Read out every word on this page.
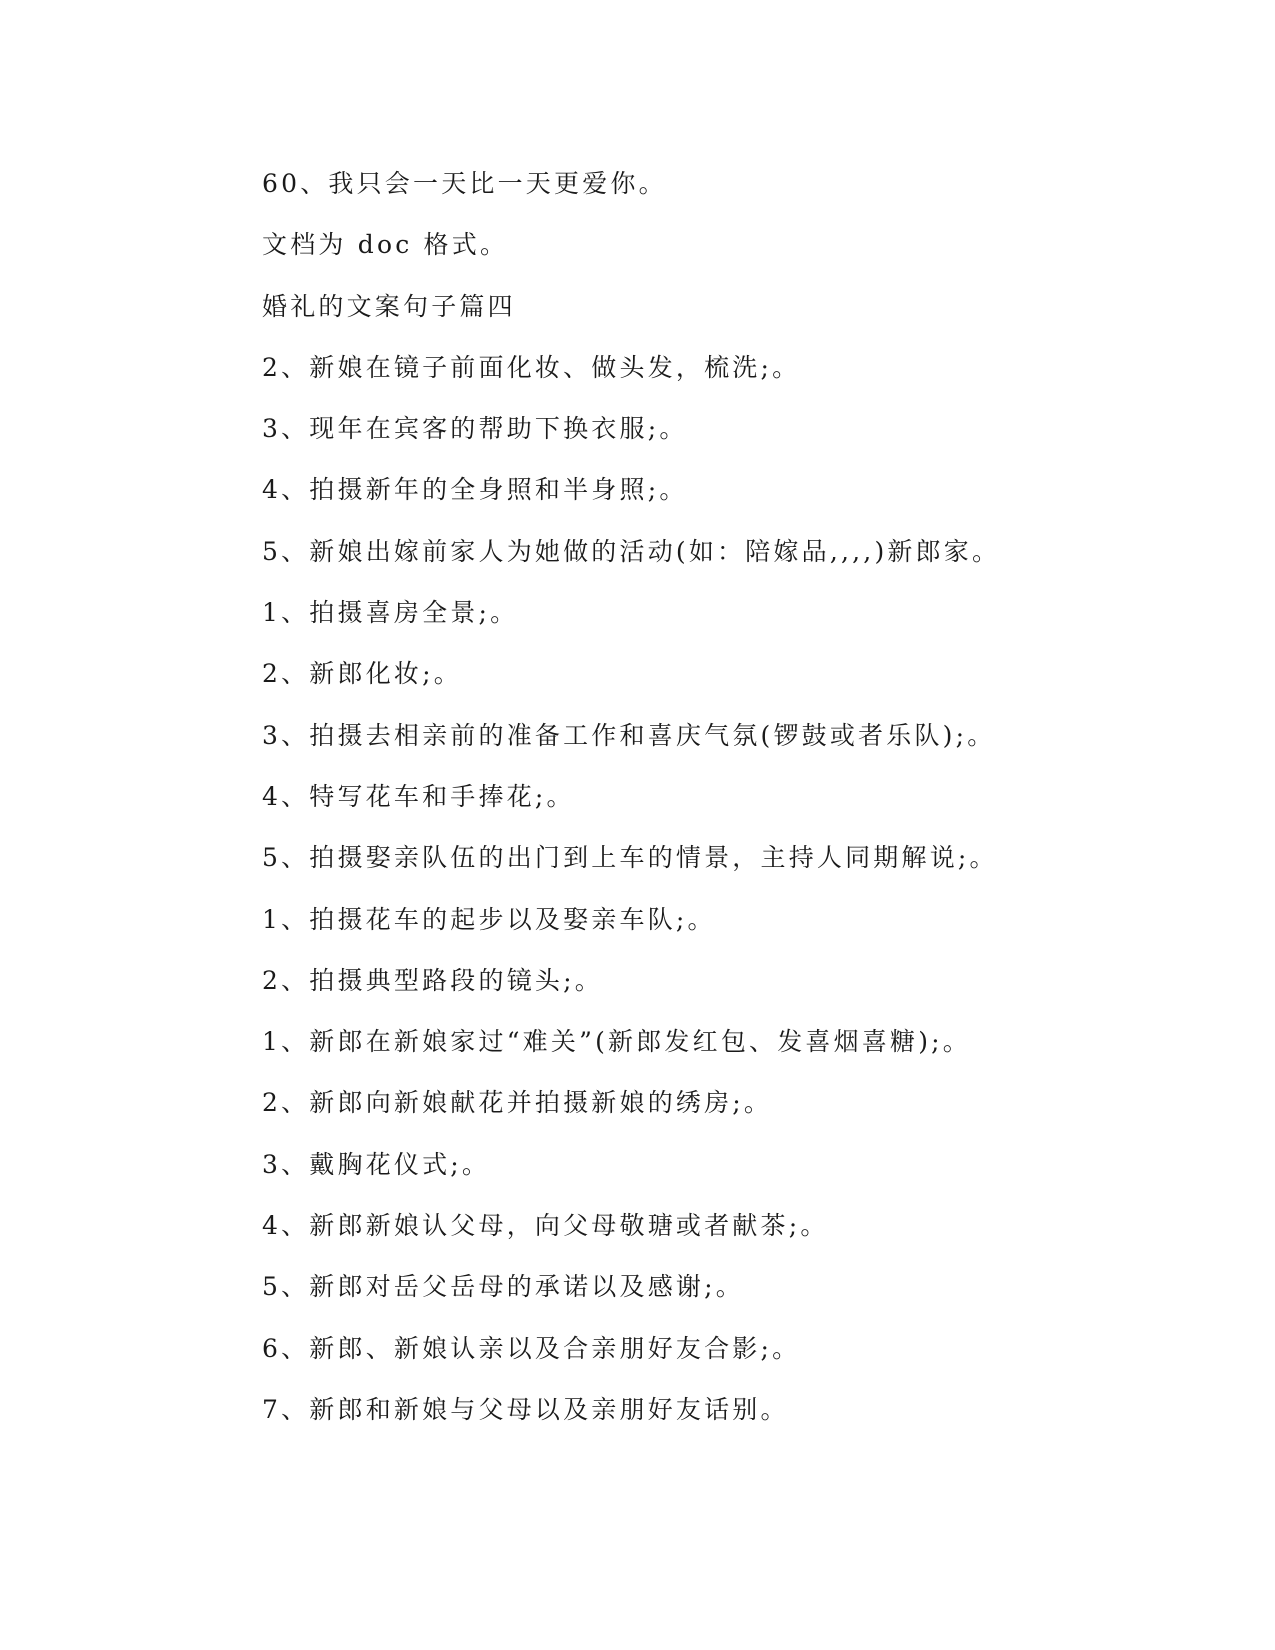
60、我只会一天比一天更爱你。

文档为 doc 格式。

婚礼的文案句子篇四

2、新娘在镜子前面化妆、做头发，梳洗;。

3、现年在宾客的帮助下换衣服;。

4、拍摄新年的全身照和半身照;。

5、新娘出嫁前家人为她做的活动(如：陪嫁品,,,,)新郎家。

1、拍摄喜房全景;。

2、新郎化妆;。

3、拍摄去相亲前的准备工作和喜庆气氛(锣鼓或者乐队);。

4、特写花车和手捧花;。

5、拍摄娶亲队伍的出门到上车的情景，主持人同期解说;。

1、拍摄花车的起步以及娶亲车队;。

2、拍摄典型路段的镜头;。

1、新郎在新娘家过“难关”(新郎发红包、发喜烟喜糖);。

2、新郎向新娘献花并拍摄新娘的绣房;。

3、戴胸花仪式;。

4、新郎新娘认父母，向父母敬瑭或者献茶;。

5、新郎对岳父岳母的承诺以及感谢;。

6、新郎、新娘认亲以及合亲朋好友合影;。

7、新郎和新娘与父母以及亲朋好友话别。
